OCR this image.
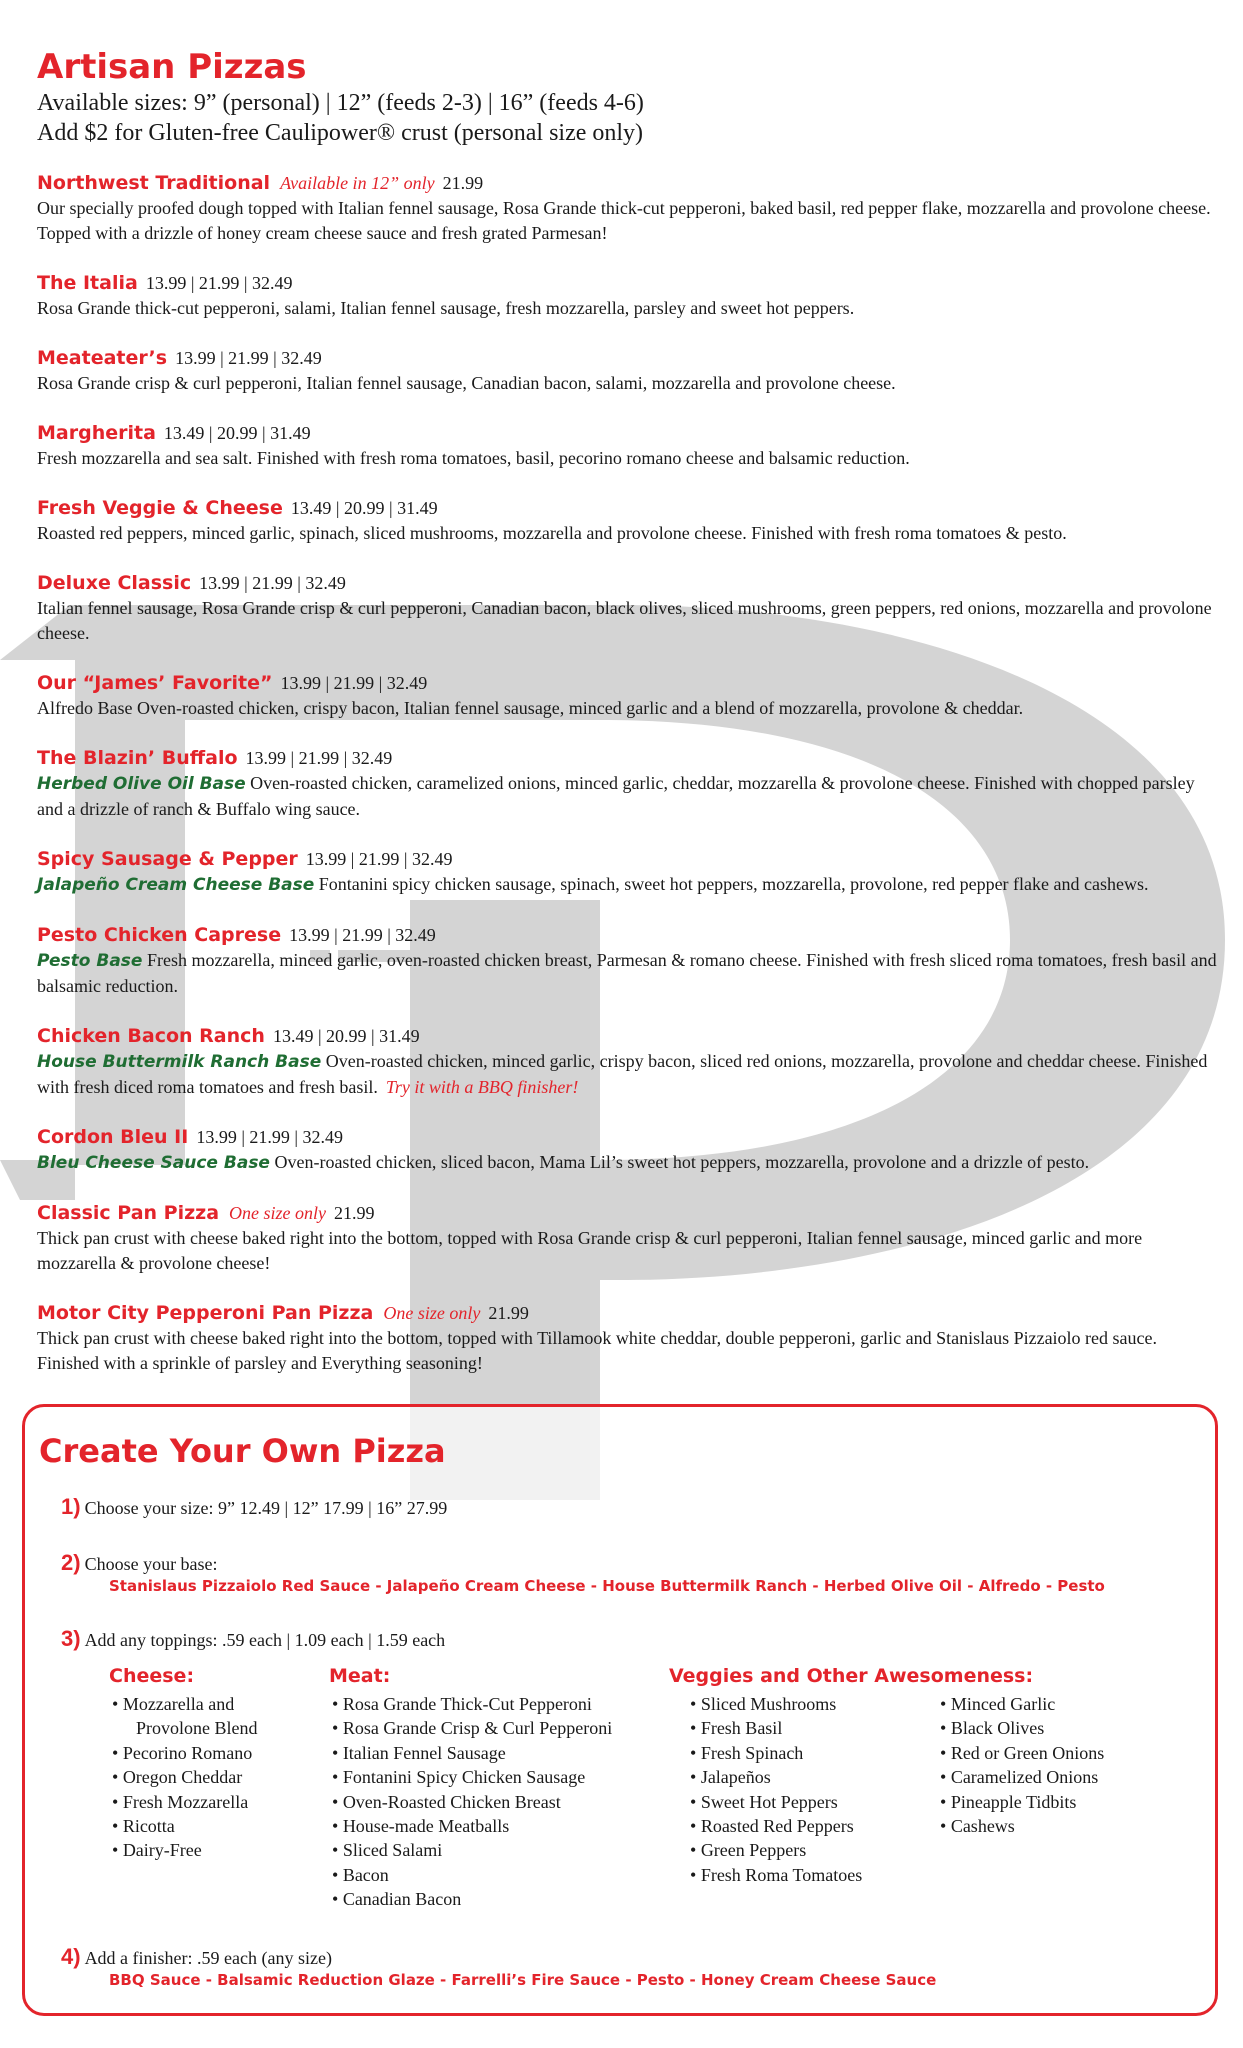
Artisan Pizzas

Available sizes: 9” (personal) | 12” (feeds 2-3) | 16” (feeds 4-6)

Add $2 for Gluten-free Caulipower® crust (personal size only)

Northwest Traditional Available in 12” only 21.99
Our specially proofed dough topped with Italian fennel sausage, Rosa Grande thick-cut pepperoni, baked basil, red pepper flake, mozzarella and provolone cheese. Topped with a drizzle of honey cream cheese sauce and fresh grated Parmesan!
The Italia 13.99 | 21.99 | 32.49
Rosa Grande thick-cut pepperoni, salami, Italian fennel sausage, fresh mozzarella, parsley and sweet hot peppers.
Meateater’s 13.99 | 21.99 | 32.49
Rosa Grande crisp & curl pepperoni, Italian fennel sausage, Canadian bacon, salami, mozzarella and provolone cheese.
Margherita 13.49 | 20.99 | 31.49
Fresh mozzarella and sea salt. Finished with fresh roma tomatoes, basil, pecorino romano cheese and balsamic reduction.
Fresh Veggie & Cheese 13.49 | 20.99 | 31.49
Roasted red peppers, minced garlic, spinach, sliced mushrooms, mozzarella and provolone cheese. Finished with fresh roma tomatoes & pesto.
Deluxe Classic 13.99 | 21.99 | 32.49
Italian fennel sausage, Rosa Grande crisp & curl pepperoni, Canadian bacon, black olives, sliced mushrooms, green peppers, red onions, mozzarella and provolone cheese.
Our “James’ Favorite” 13.99 | 21.99 | 32.49
Alfredo Base Oven-roasted chicken, crispy bacon, Italian fennel sausage, minced garlic and a blend of mozzarella, provolone & cheddar.
The Blazin’ Buffalo 13.99 | 21.99 | 32.49
Herbed Olive Oil Base Oven-roasted chicken, caramelized onions, minced garlic, cheddar, mozzarella & provolone cheese. Finished with chopped parsley and a drizzle of ranch & Buffalo wing sauce.
Spicy Sausage & Pepper 13.99 | 21.99 | 32.49
Jalapeño Cream Cheese Base Fontanini spicy chicken sausage, spinach, sweet hot peppers, mozzarella, provolone, red pepper flake and cashews.
Pesto Chicken Caprese 13.99 | 21.99 | 32.49
Pesto Base Fresh mozzarella, minced garlic, oven-roasted chicken breast, Parmesan & romano cheese. Finished with fresh sliced roma tomatoes, fresh basil and balsamic reduction.
Chicken Bacon Ranch 13.49 | 20.99 | 31.49
House Buttermilk Ranch Base Oven-roasted chicken, minced garlic, crispy bacon, sliced red onions, mozzarella, provolone and cheddar cheese. Finished with fresh diced roma tomatoes and fresh basil. Try it with a BBQ finisher!
Cordon Bleu II 13.99 | 21.99 | 32.49
Bleu Cheese Sauce Base Oven-roasted chicken, sliced bacon, Mama Lil’s sweet hot peppers, mozzarella, provolone and a drizzle of pesto.
Classic Pan Pizza One size only 21.99
Thick pan crust with cheese baked right into the bottom, topped with Rosa Grande crisp & curl pepperoni, Italian fennel sausage, minced garlic and more mozzarella & provolone cheese!
Motor City Pepperoni Pan Pizza One size only 21.99
Thick pan crust with cheese baked right into the bottom, topped with Tillamook white cheddar, double pepperoni, garlic and Stanislaus Pizzaiolo red sauce. Finished with a sprinkle of parsley and Everything seasoning!
Create Your Own Pizza
1) Choose your size: 9” 12.49 | 12” 17.99 | 16” 27.99
2) Choose your base:
Stanislaus Pizzaiolo Red Sauce - Jalapeño Cream Cheese - House Buttermilk Ranch - Herbed Olive Oil - Alfredo - Pesto
3) Add any toppings: .59 each | 1.09 each | 1.59 each
Cheese:
• Mozzarella and
Provolone Blend
• Pecorino Romano
• Oregon Cheddar
• Fresh Mozzarella
• Ricotta
• Dairy-Free
Meat:
• Rosa Grande Thick-Cut Pepperoni
• Rosa Grande Crisp & Curl Pepperoni
• Italian Fennel Sausage
• Fontanini Spicy Chicken Sausage
• Oven-Roasted Chicken Breast
• House-made Meatballs
• Sliced Salami
• Bacon
• Canadian Bacon
Veggies and Other Awesomeness:
• Sliced Mushrooms
• Fresh Basil
• Fresh Spinach
• Jalapeños
• Sweet Hot Peppers
• Roasted Red Peppers
• Green Peppers
• Fresh Roma Tomatoes
• Minced Garlic
• Black Olives
• Red or Green Onions
• Caramelized Onions
• Pineapple Tidbits
• Cashews
4) Add a finisher: .59 each (any size)
BBQ Sauce - Balsamic Reduction Glaze - Farrelli’s Fire Sauce - Pesto - Honey Cream Cheese Sauce
